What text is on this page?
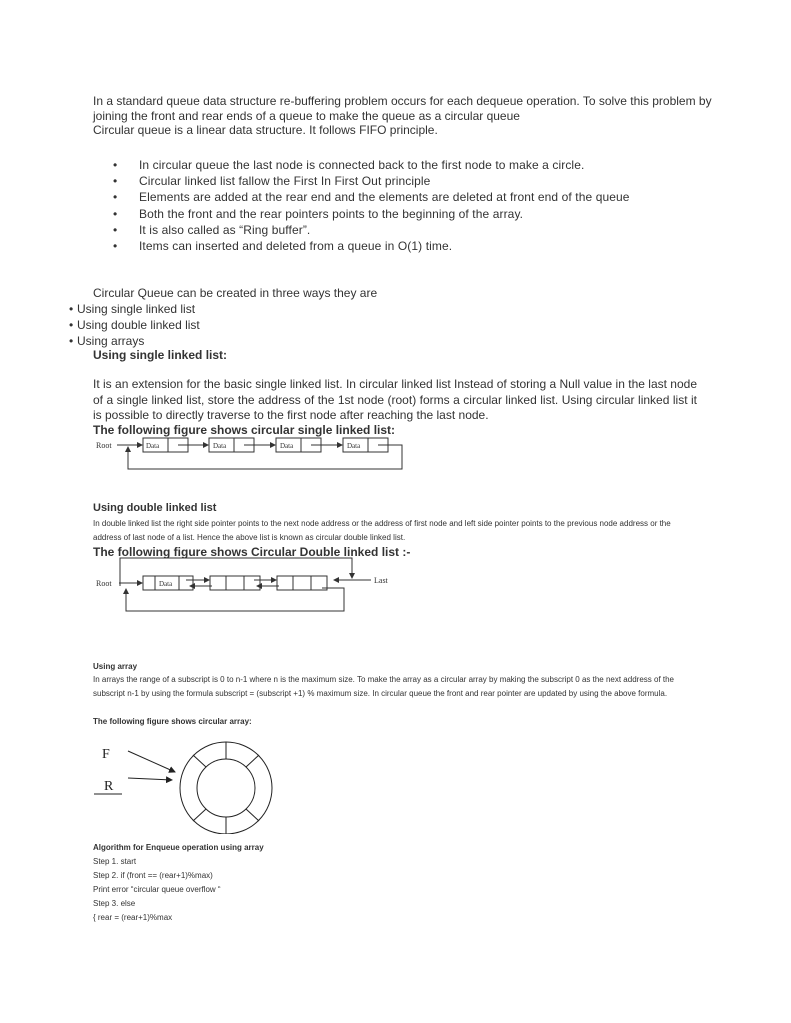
In a standard queue data structure re-buffering problem occurs for each dequeue operation. To solve this problem by joining the front and rear ends of a queue to make the queue as a circular queue
Circular queue is a linear data structure. It follows FIFO principle.
• In circular queue the last node is connected back to the first node to make a circle.
• Circular linked list fallow the First In First Out principle
• Elements are added at the rear end and the elements are deleted at front end of the queue
• Both the front and the rear pointers points to the beginning of the array.
• It is also called as “Ring buffer”.
• Items can inserted and deleted from a queue in O(1) time.
Circular Queue can be created in three ways they are
• Using single linked list
• Using double linked list
• Using arrays
Using single linked list:
It is an extension for the basic single linked list. In circular linked list Instead of storing a Null value in the last node of a single linked list, store the address of the 1st node (root) forms a circular linked list. Using circular linked list it is possible to directly traverse to the first node after reaching the last node.
The following figure shows circular single linked list:
Root	Data	Data	Data	Data
Using double linked list
In double linked list the right side pointer points to the next node address or the address of first node and left side pointer points to the previous node address or the address of last node of a list. Hence the above list is known as circular double linked list.
The following figure shows Circular Double linked list :-
Root	Last
Data
Using array
In arrays the range of a subscript is 0 to n-1 where n is the maximum size. To make the array as a circular array by making the subscript 0 as the next address of the subscript n-1 by using the formula subscript = (subscript +1) % maximum size. In circular queue the front and rear pointer are updated by using the above formula.
The following figure shows circular array:
F
R
Algorithm for Enqueue operation using array
Step 1. start
Step 2. if (front == (rear+1)%max)
Print error “circular queue overflow “
Step 3. else
{ rear = (rear+1)%max
